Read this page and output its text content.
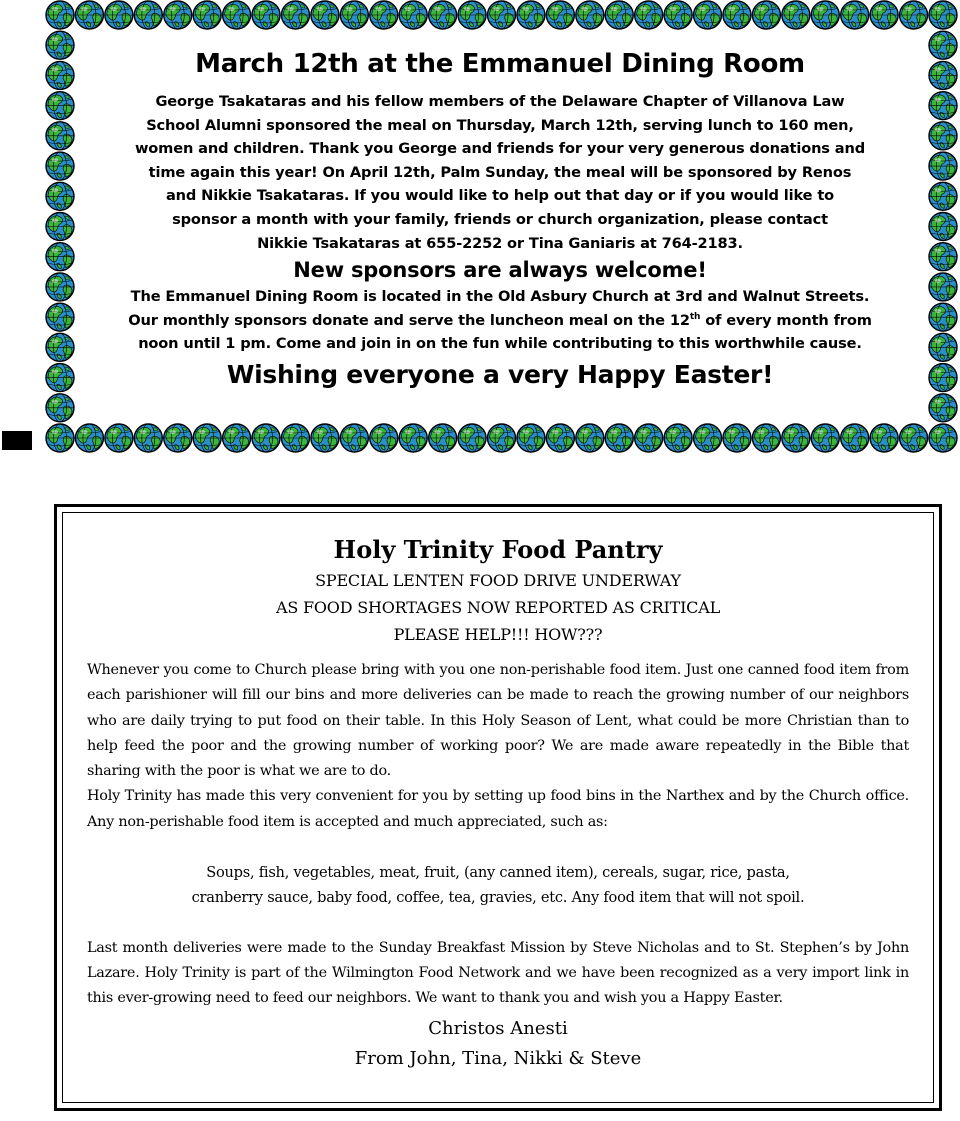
March 12th at the Emmanuel Dining Room

George Tsakataras and his fellow members of the Delaware Chapter of Villanova Law

School Alumni sponsored the meal on Thursday, March 12th, serving lunch to 160 men,

women and children. Thank you George and friends for your very generous donations and

time again this year! On April 12th, Palm Sunday, the meal will be sponsored by Renos

and Nikkie Tsakataras. If you would like to help out that day or if you would like to

sponsor a month with your family, friends or church organization, please contact

Nikkie Tsakataras at 655-2252 or Tina Ganiaris at 764-2183.

New sponsors are always welcome!

The Emmanuel Dining Room is located in the Old Asbury Church at 3rd and Walnut Streets.

Our monthly sponsors donate and serve the luncheon meal on the 12th of every month from

noon until 1 pm. Come and join in on the fun while contributing to this worthwhile cause.

Wishing everyone a very Happy Easter!

Holy Trinity Food Pantry

SPECIAL LENTEN FOOD DRIVE UNDERWAY

AS FOOD SHORTAGES NOW REPORTED AS CRITICAL

PLEASE HELP!!! HOW???

Whenever you come to Church please bring with you one non-perishable food item. Just one canned food item from each parishioner will fill our bins and more deliveries can be made to reach the growing number of our neighbors who are daily trying to put food on their table. In this Holy Season of Lent, what could be more Christian than to help feed the poor and the growing number of working poor? We are made aware repeatedly in the Bible that sharing with the poor is what we are to do.

Holy Trinity has made this very convenient for you by setting up food bins in the Narthex and by the Church office. Any non-perishable food item is accepted and much appreciated, such as:

Soups, fish, vegetables, meat, fruit, (any canned item), cereals, sugar, rice, pasta,

cranberry sauce, baby food, coffee, tea, gravies, etc. Any food item that will not spoil.

Last month deliveries were made to the Sunday Breakfast Mission by Steve Nicholas and to St. Stephen’s by John Lazare. Holy Trinity is part of the Wilmington Food Network and we have been recognized as a very import link in this ever-growing need to feed our neighbors. We want to thank you and wish you a Happy Easter.

Christos Anesti

From John, Tina, Nikki & Steve
